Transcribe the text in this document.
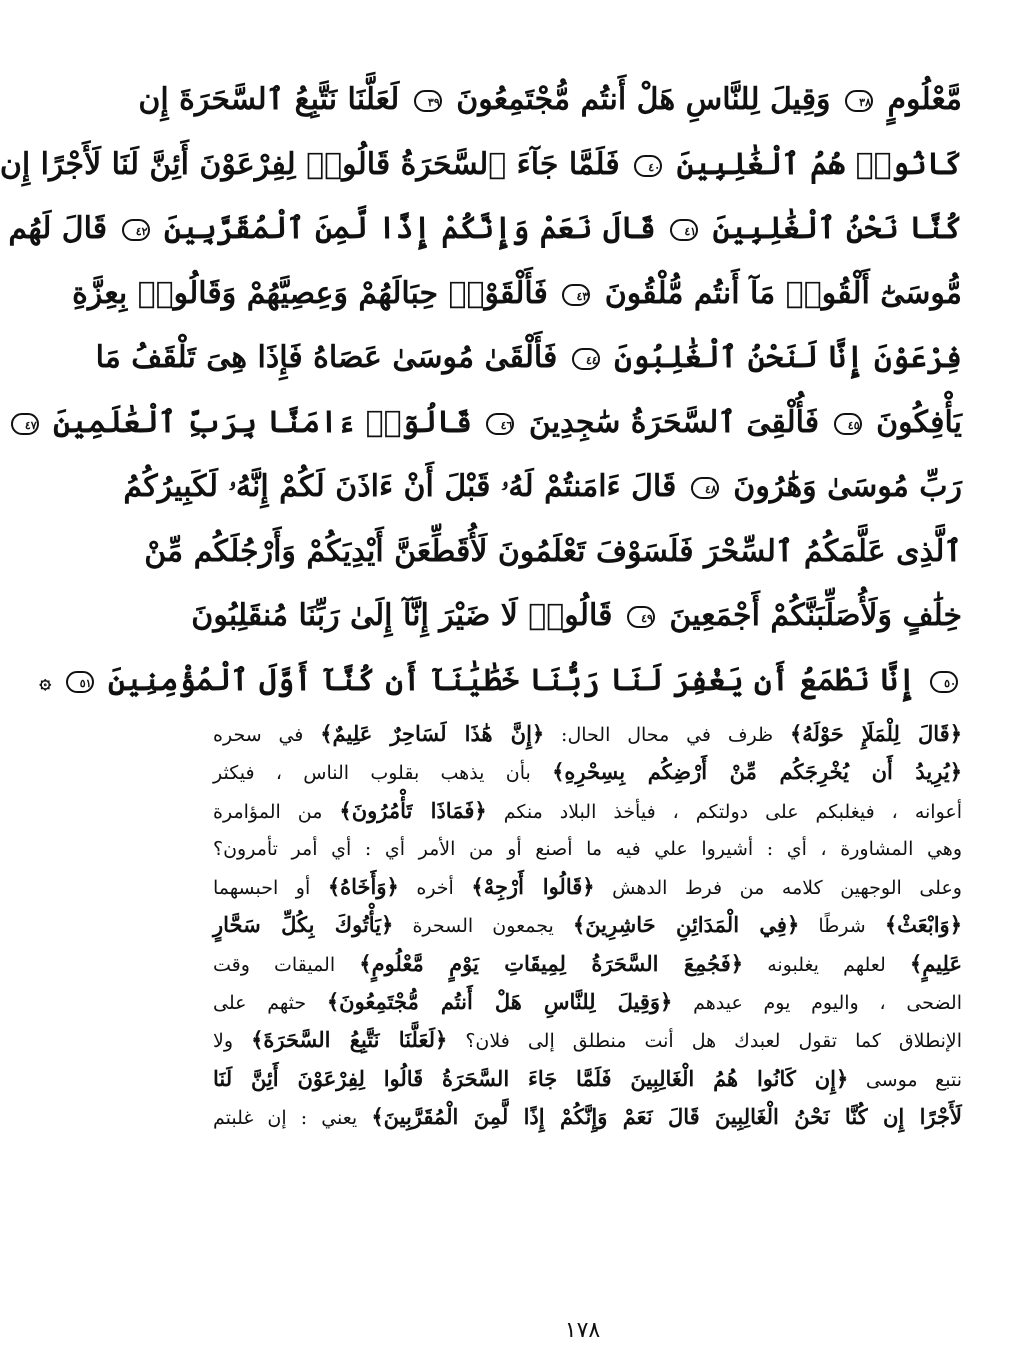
مَّعْلُومٍ ٣٨ وَقِيلَ لِلنَّاسِ هَلْ أَنتُم مُّجْتَمِعُونَ ٣٩ لَعَلَّنَا نَتَّبِعُ ٱلسَّحَرَةَ إِن
كَانُوا۟ هُمُ ٱلْغَٰلِبِينَ ٤٠ فَلَمَّا جَآءَ ٱلسَّحَرَةُ قَالُوا۟ لِفِرْعَوْنَ أَئِنَّ لَنَا لَأَجْرًا إِن
كُنَّا نَحْنُ ٱلْغَٰلِبِينَ ٤١ قَالَ نَعَمْ وَإِنَّكُمْ إِذًا لَّمِنَ ٱلْمُقَرَّبِينَ ٤٢ قَالَ لَهُم
مُّوسَىٰٓ أَلْقُوا۟ مَآ أَنتُم مُّلْقُونَ ٤٣ فَأَلْقَوْا۟ حِبَالَهُمْ وَعِصِيَّهُمْ وَقَالُوا۟ بِعِزَّةِ
فِرْعَوْنَ إِنَّا لَنَحْنُ ٱلْغَٰلِبُونَ ٤٤ فَأَلْقَىٰ مُوسَىٰ عَصَاهُ فَإِذَا هِىَ تَلْقَفُ مَا
يَأْفِكُونَ ٤٥ فَأُلْقِىَ ٱلسَّحَرَةُ سَٰجِدِينَ ٤٦ قَالُوٓا۟ ءَامَنَّا بِرَبِّ ٱلْعَٰلَمِينَ ٤٧
رَبِّ مُوسَىٰ وَهَٰرُونَ ٤٨ قَالَ ءَامَنتُمْ لَهُۥ قَبْلَ أَنْ ءَاذَنَ لَكُمْ إِنَّهُۥ لَكَبِيرُكُمُ
ٱلَّذِى عَلَّمَكُمُ ٱلسِّحْرَ فَلَسَوْفَ تَعْلَمُونَ لَأُقَطِّعَنَّ أَيْدِيَكُمْ وَأَرْجُلَكُم مِّنْ
خِلَٰفٍ وَلَأُصَلِّبَنَّكُمْ أَجْمَعِينَ ٤٩ قَالُوا۟ لَا ضَيْرَ إِنَّآ إِلَىٰ رَبِّنَا مُنقَلِبُونَ
٥٠ إِنَّا نَطْمَعُ أَن يَغْفِرَ لَنَا رَبُّنَا خَطَٰيَٰنَآ أَن كُنَّآ أَوَّلَ ٱلْمُؤْمِنِينَ ٥١ ۞
﴿قَالَ لِلْمَلَإِ حَوْلَهُ﴾ ظرف في محال الحال: ﴿إِنَّ هَٰذَا لَسَاحِرٌ عَلِيمٌ﴾ في سحره
﴿يُرِيدُ أَن يُخْرِجَكُم مِّنْ أَرْضِكُم بِسِحْرِهِ﴾ بأن يذهب بقلوب الناس ، فيكثر
أعوانه ، فيغلبكم على دولتكم ، فيأخذ البلاد منكم ﴿فَمَاذَا تَأْمُرُونَ﴾ من المؤامرة
وهي المشاورة ، أي : أشيروا علي فيه ما أصنع أو من الأمر أي : أي أمر تأمرون؟
وعلى الوجهين كلامه من فرط الدهش ﴿قَالُوا أَرْجِهْ﴾ أخره ﴿وَأَخَاهُ﴾ أو احبسهما
﴿وَابْعَثْ﴾ شرطًا ﴿فِي الْمَدَائِنِ حَاشِرِينَ﴾ يجمعون السحرة ﴿يَأْتُوكَ بِكُلِّ سَحَّارٍ
عَلِيمٍ﴾ لعلهم يغلبونه ﴿فَجُمِعَ السَّحَرَةُ لِمِيقَاتِ يَوْمٍ مَّعْلُومٍ﴾ الميقات وقت
الضحى ، واليوم يوم عيدهم ﴿وَقِيلَ لِلنَّاسِ هَلْ أَنتُم مُّجْتَمِعُونَ﴾ حثهم على
الإنطلاق كما تقول لعبدك هل أنت منطلق إلى فلان؟ ﴿لَعَلَّنَا نَتَّبِعُ السَّحَرَةَ﴾ ولا
نتبع موسى ﴿إِن كَانُوا هُمُ الْغَالِبِينَ فَلَمَّا جَاءَ السَّحَرَةُ قَالُوا لِفِرْعَوْنَ أَئِنَّ لَنَا
لَأَجْرًا إِن كُنَّا نَحْنُ الْغَالِبِينَ قَالَ نَعَمْ وَإِنَّكُمْ إِذًا لَّمِنَ الْمُقَرَّبِينَ﴾ يعني : إن غلبتم
١٧٨
